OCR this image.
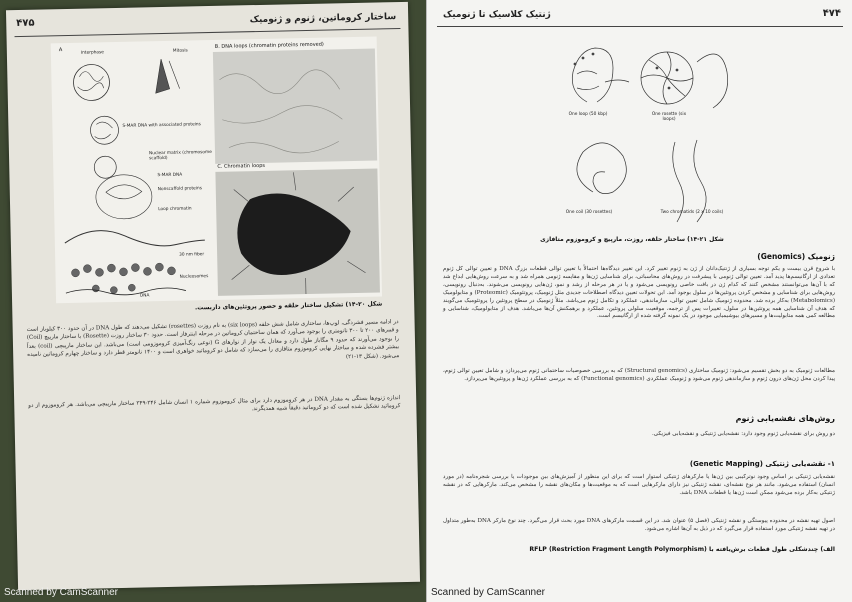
۴۷۵	ساختار کروماتین، ژنوم و ژنومیک
A
B. DNA loops (chromatin proteins removed)
C. Chromatin loops
Interphase	Mitosis
S-MAR DNA with associated proteins
Nuclear matrix (chromosome scaffold)
S-MAR DNA
Nonscaffold proteins
Loop chromatin
30 nm fiber
Nucleosomes
DNA
شکل ۲۰-۱۴) تشکیل ساختار حلقه و حضور پروتئین‌های داربست.
در ادامه مسیر فشردگی، لوپ‌ها، ساختاری شامل شش حلقه (six loops) به نام روزت (rosettes) تشکیل می‌دهند که طول DNA در آن حدود ۳۰۰ کیلو‌باز است و فیبرهای ۲۰۰ تا ۳۰۰ نانومتری را بوجود می‌آورد که همان ساختمان کروماتین در مرحله اینترفاز است. حدود ۳۰ ساختار روزت (Rosette) با ساختار مارپیچ (Coil) را بوجود می‌آورند که حدود ۹ مگاباز طول دارد و معادل یک نوار از نوارهای G (نوعی رنگ‌آمیزی کروموزومی است) می‌باشد. این ساختار مارپیچی (coil) بعداً بیشتر فشرده شده و ساختار نهایی کروموزوم متافازی را می‌سازد که شامل دو کروماتید خواهری است و ۱۴۰۰ نانومتر قطر دارد و ساختار چهارم کروماتین نامیده می‌شود. (شکل ۱۳-۲۱)
اندازه ژنوم‌ها بستگی به مقدار DNA در هر کروموزوم دارد برای مثال کروموزوم شماره ۱ انسان شامل ۲۴۶-۲۴۹ ساختار مارپیچی می‌باشد. هر کروموزوم از دو کروماتید تشکیل شده است که دو کروماتید دقیقاً شبیه همدیگرند.
Scanned by CamScanner
۴۷۴
ژنتیک کلاسیک تا ژنومیک
One loop (50 kbp)	One rosette (six loops)
One coil (30 rosettes)	Two chromatids (2 x 10 coils)
شکل ۲۱-۱۴) ساختار حلقه، روزت، مارپیچ و کروموزوم متافازی
ژنومیک (Genomics)
با شروع قرن بیست و یکم توجه بسیاری از ژنتیک‌دانان از ژن به ژنوم تغییر کرد. این تغییر دیدگاه‌ها احتمالاً با تعیین توالی قطعات بزرگ DNA و تعیین توالی کل ژنوم تعدادی از ارگانیسم‌ها پدید آمد. تعیین توالی ژنومی با پیشرفت در روش‌های محاسباتی، برای شناسایی ژن‌ها و مقایسه ژنومی همراه شد و به سرعت روش‌هایی ابداع شد که با آن‌ها می‌توانستند مشخص کنند که کدام ژن در بافت خاصی رونویسی می‌شود و یا در هر مرحله از رشد و نمو، ژن‌هایی رونویسی می‌شوند. به‌دنبال رونویسی، روش‌هایی برای شناسایی و مشخص کردن پروتئین‌ها در سلول بوجود آمد. این تحولات تعیین دیدگاه اصطلاحات جدیدی مثل ژنومیک، پروتئومیک (Proteomic) و متابولومیک (Metabolomics) به‌کار برده شد. محدوده ژنومیک شامل تعیین توالی، سازماندهی، عملکرد و تکامل ژنوم می‌باشد. مثلاً ژنومیک در سطح پروتئین را پروتئومیک می‌گویند که هدف آن شناسایی همه پروتئین‌ها در سلول، تغییرات پس از ترجمه، موقعیت سلولی پروتئین، عملکرد و برهمکنش آن‌ها می‌باشد. هدف از متابولومیک، شناسایی و مطالعه کمی همه متابولیت‌ها و مسیرهای بیوشیمیایی موجود در یک نمونه گرفته شده از ارگانیسم است.
مطالعات ژنومیک به دو بخش تقسیم می‌شود: ژنومیک ساختاری (Structural genomics) که به بررسی خصوصیات ساختمانی ژنوم می‌پردازد و شامل تعیین توالی ژنوم، پیدا کردن محل ژن‌های درون ژنوم و سازماندهی ژنوم می‌شود و ژنومیک عملکردی (Functional genomics) که به بررسی عملکرد ژن‌ها و پروتئین‌ها می‌پردازد.
روش‌های نقشه‌یابی ژنوم
دو روش برای نقشه‌یابی ژنوم وجود دارد: نقشه‌یابی ژنتیکی و نقشه‌یابی فیزیکی.
۱- نقشه‌یابی ژنتیکی (Genetic Mapping)
نقشه‌یابی ژنتیکی بر اساس وجود نوترکیبی بین ژن‌ها یا مارکرهای ژنتیکی استوار است که برای این منظور از آمیزش‌های بین موجودات یا بررسی شجره‌نامه (در مورد انسان) استفاده می‌شود. مانند هر نوع نقشه‌ای، نقشه ژنتیکی نیز دارای مارکرهایی است که به موقعیت‌ها و مکان‌های نقشه را مشخص می‌کند. مارکرهایی که در نقشه ژنتیکی به‌کار برده می‌شود ممکن است ژن‌ها یا قطعات DNA باشد.
اصول تهیه نقشه در محدوده پیوستگی و نقشه ژنتیکی (فصل ۵) عنوان شد. در این قسمت مارکرهای DNA مورد بحث قرار می‌گیرد. چند نوع مارکر DNA به‌طور متداول در تهیه نقشه ژنتیکی مورد استفاده قرار می‌گیرد که در ذیل به آن‌ها اشاره می‌شود.
الف) چندشکلی طول قطعات برش‌یافته با RFLP (Restriction Fragment Length Polymorphism)
Scanned by CamScanner
